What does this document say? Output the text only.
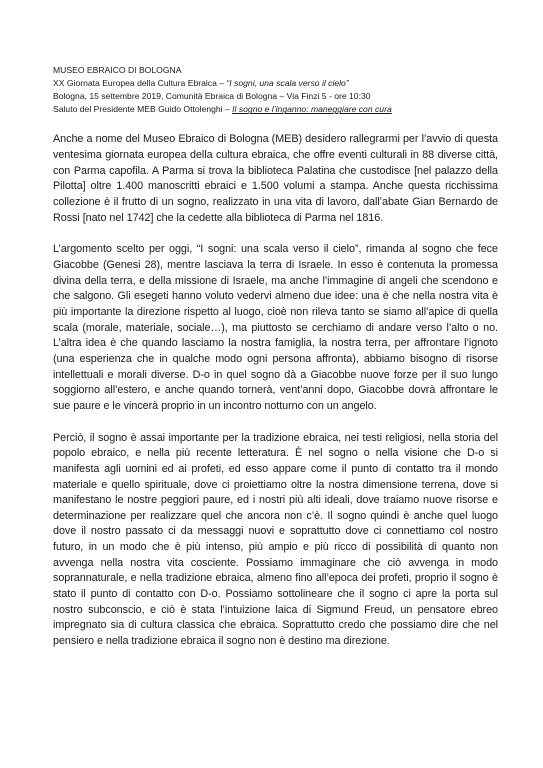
MUSEO EBRAICO DI BOLOGNA

XX Giornata Europea della Cultura Ebraica – “I sogni, una scala verso il cielo”

Bologna, 15 settembre 2019, Comunità Ebraica di Bologna – Via Finzi 5 - ore 10:30

Saluto del Presidente MEB Guido Ottolenghi – Il sogno e l’inganno: maneggiare con cura

Anche a nome del Museo Ebraico di Bologna (MEB) desidero rallegrarmi per l’avvio di questa ventesima giornata europea della cultura ebraica, che offre eventi culturali in 88 diverse città, con Parma capofila. A Parma si trova la biblioteca Palatina che custodisce [nel palazzo della Pilotta] oltre 1.400 manoscritti ebraici e 1.500 volumi a stampa. Anche questa ricchissima collezione è il frutto di un sogno, realizzato in una vita di lavoro, dall’abate Gian Bernardo de Rossi [nato nel 1742] che la cedette alla biblioteca di Parma nel 1816.

L’argomento scelto per oggi, “I sogni: una scala verso il cielo”, rimanda al sogno che fece Giacobbe (Genesi 28), mentre lasciava la terra di Israele. In esso è contenuta la promessa divina della terra, e della missione di Israele, ma anche l’immagine di angeli che scendono e che salgono. Gli esegeti hanno voluto vedervi almeno due idee: una è che nella nostra vita è più importante la direzione rispetto al luogo, cioè non rileva tanto se siamo all’apice di quella scala (morale, materiale, sociale…), ma piuttosto se cerchiamo di andare verso l’alto o no. L’altra idea è che quando lasciamo la nostra famiglia, la nostra terra, per affrontare l’ignoto (una esperienza che in qualche modo ogni persona affronta), abbiamo bisogno di risorse intellettuali e morali diverse. D-o in quel sogno dà a Giacobbe nuove forze per il suo lungo soggiorno all’estero, e anche quando tornerà, vent’anni dopo, Giacobbe dovrà affrontare le sue paure e le vincerà proprio in un incontro notturno con un angelo.

Perciò, il sogno è assai importante per la tradizione ebraica, nei testi religiosi, nella storia del popolo ebraico, e nella più recente letteratura. È nel sogno o nella visione che D-o si manifesta agli uomini ed ai profeti, ed esso appare come il punto di contatto tra il mondo materiale e quello spirituale, dove ci proiettiamo oltre la nostra dimensione terrena, dove si manifestano le nostre peggiori paure, ed i nostri più alti ideali, dove traiamo nuove risorse e determinazione per realizzare quel che ancora non c’è. Il sogno quindi è anche quel luogo dove il nostro passato ci da messaggi nuovi e soprattutto dove ci connettiamo col nostro futuro, in un modo che è più intenso, più ampio e più ricco di possibilità di quanto non avvenga nella nostra vita cosciente. Possiamo immaginare che ciò avvenga in modo soprannaturale, e nella tradizione ebraica, almeno fino all’epoca dei profeti, proprio il sogno è stato il punto di contatto con D-o. Possiamo sottolineare che il sogno ci apre la porta sul nostro subconscio, e ciò è stata l’intuizione laica di Sigmund Freud, un pensatore ebreo impregnato sia di cultura classica che ebraica. Soprattutto credo che possiamo dire che nel pensiero e nella tradizione ebraica il sogno non è destino ma direzione.
